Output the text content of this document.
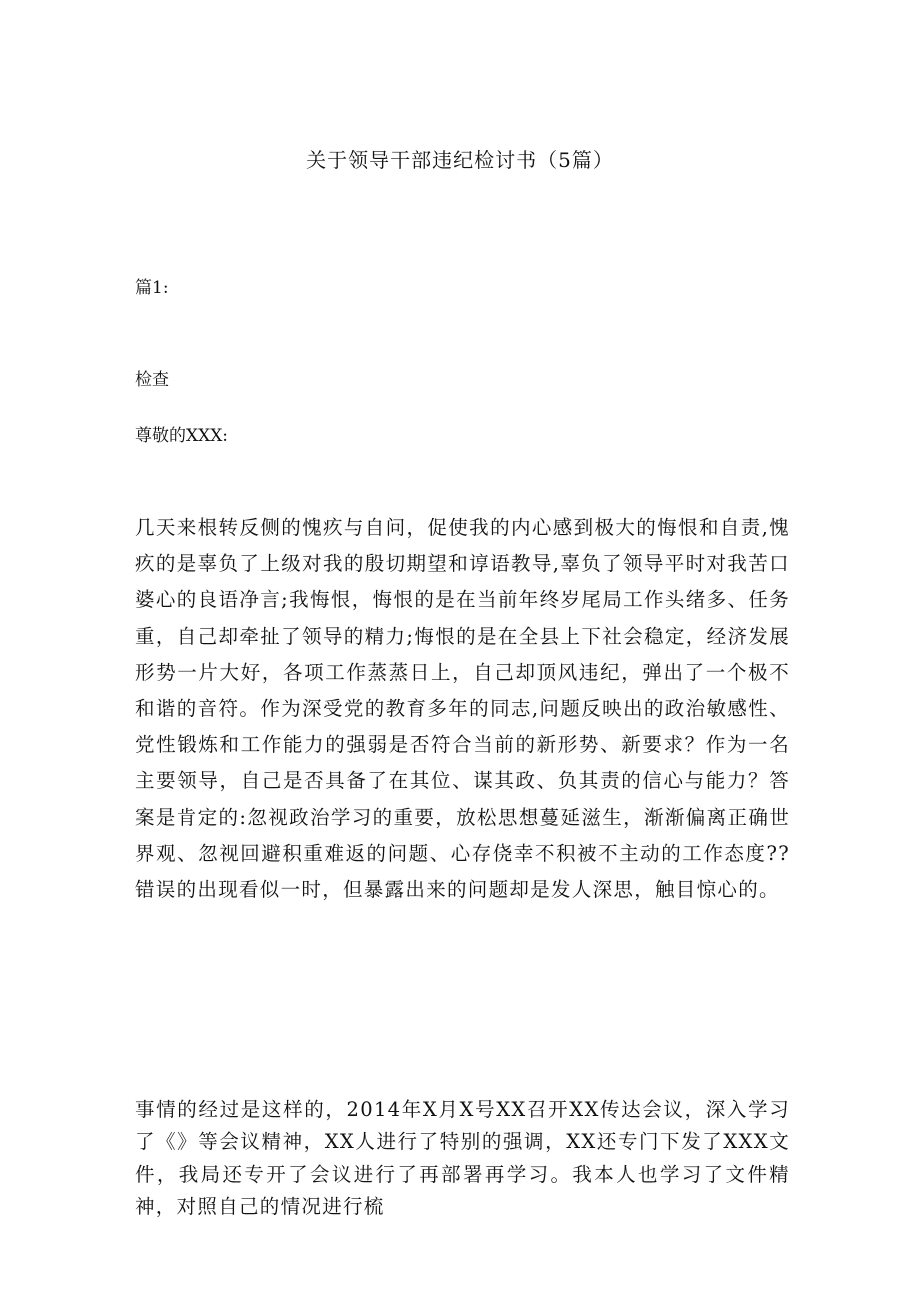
关于领导干部违纪检讨书（5篇）
篇1:
检查
尊敬的XXX:

几天来根转反侧的愧疚与自问，促使我的内心感到极大的悔恨和自责,愧疚的是辜负了上级对我的殷切期望和谆语教导,辜负了领导平时对我苦口婆心的良语净言;我悔恨，悔恨的是在当前年终岁尾局工作头绪多、任务重，自己却牵扯了领导的精力;悔恨的是在全县上下社会稳定，经济发展形势一片大好，各项工作蒸蒸日上，自己却顶风违纪，弹出了一个极不和谐的音符。作为深受党的教育多年的同志,问题反映出的政治敏感性、党性锻炼和工作能力的强弱是否符合当前的新形势、新要求？作为一名主要领导，自己是否具备了在其位、谋其政、负其责的信心与能力？答案是肯定的:忽视政治学习的重要，放松思想蔓延滋生，渐渐偏离正确世界观、忽视回避积重难返的问题、心存侥幸不积被不主动的工作态度??错误的出现看似一时，但暴露出来的问题却是发人深思，触目惊心的。

事情的经过是这样的，2014年X月X号XX召开XX传达会议，深入学习了《》等会议精神，XX人进行了特别的强调，XX还专门下发了XXX文件，我局还专开了会议进行了再部署再学习。我本人也学习了文件精神，对照自己的情况进行梳
